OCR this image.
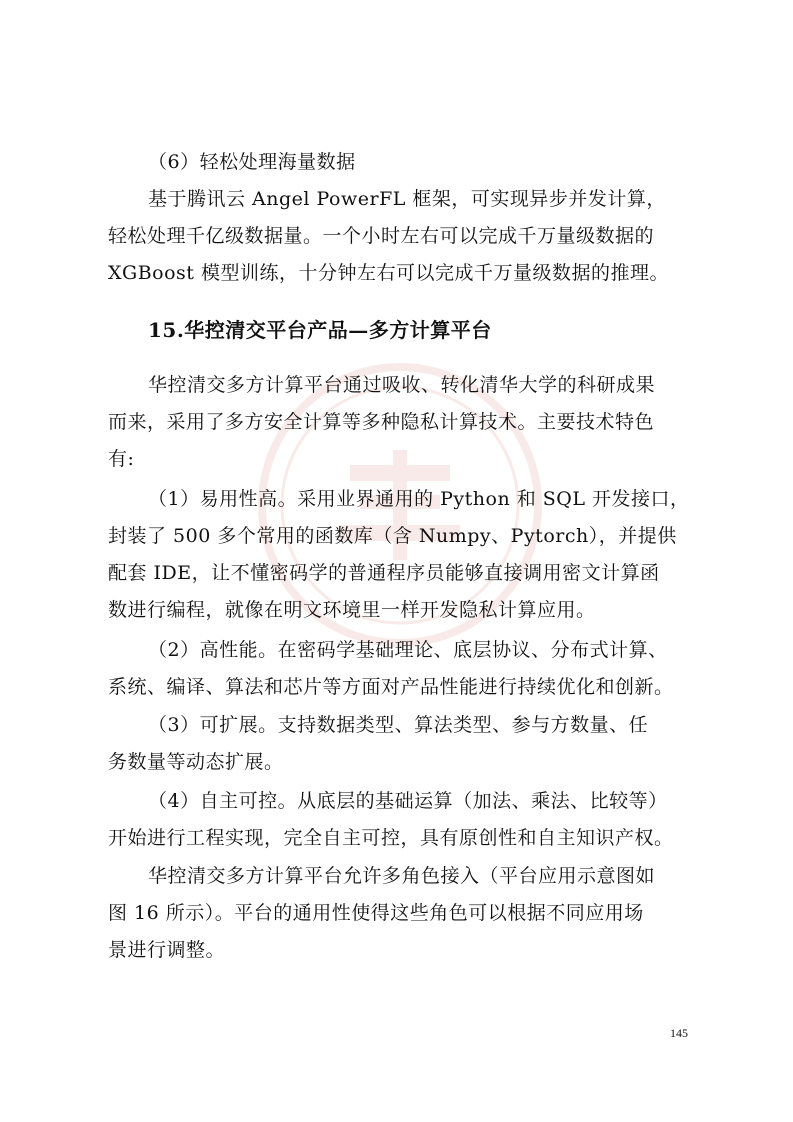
（6）轻松处理海量数据
基于腾讯云 Angel PowerFL 框架，可实现异步并发计算，
轻松处理千亿级数据量。一个小时左右可以完成千万量级数据的
XGBoost 模型训练，十分钟左右可以完成千万量级数据的推理。
15.华控清交平台产品—多方计算平台
华控清交多方计算平台通过吸收、转化清华大学的科研成果
而来，采用了多方安全计算等多种隐私计算技术。主要技术特色
有:
（1）易用性高。采用业界通用的 Python 和 SQL 开发接口，
封装了 500 多个常用的函数库（含 Numpy、Pytorch），并提供
配套 IDE，让不懂密码学的普通程序员能够直接调用密文计算函
数进行编程，就像在明文环境里一样开发隐私计算应用。
（2）高性能。在密码学基础理论、底层协议、分布式计算、
系统、编译、算法和芯片等方面对产品性能进行持续优化和创新。
（3）可扩展。支持数据类型、算法类型、参与方数量、任
务数量等动态扩展。
（4）自主可控。从底层的基础运算（加法、乘法、比较等）
开始进行工程实现，完全自主可控，具有原创性和自主知识产权。
华控清交多方计算平台允许多角色接入（平台应用示意图如
图 16 所示）。平台的通用性使得这些角色可以根据不同应用场
景进行调整。
145
